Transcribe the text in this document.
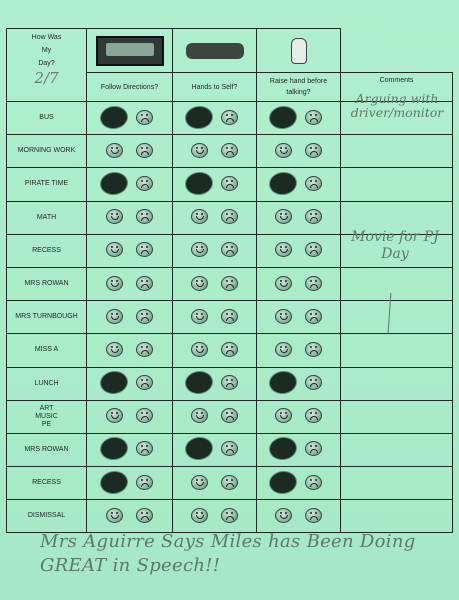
How Was
My
Day?
2/7				

	Follow Directions?	Hands to Self?	Raise hand before talking?	Comments
BUS				Arguing with driver/monitor

MORNING WORK	

PIRATE TIME	

MATH	

RECESS				Movie for PJ Day

MRS ROWAN	

MRS TURNBOUGH	

MISS A	

LUNCH	

ART
MUSIC
PE	

MRS ROWAN	

RECESS	

DISMISSAL	

Mrs Aguirre Says Miles has Been Doing GREAT in Speech!!
